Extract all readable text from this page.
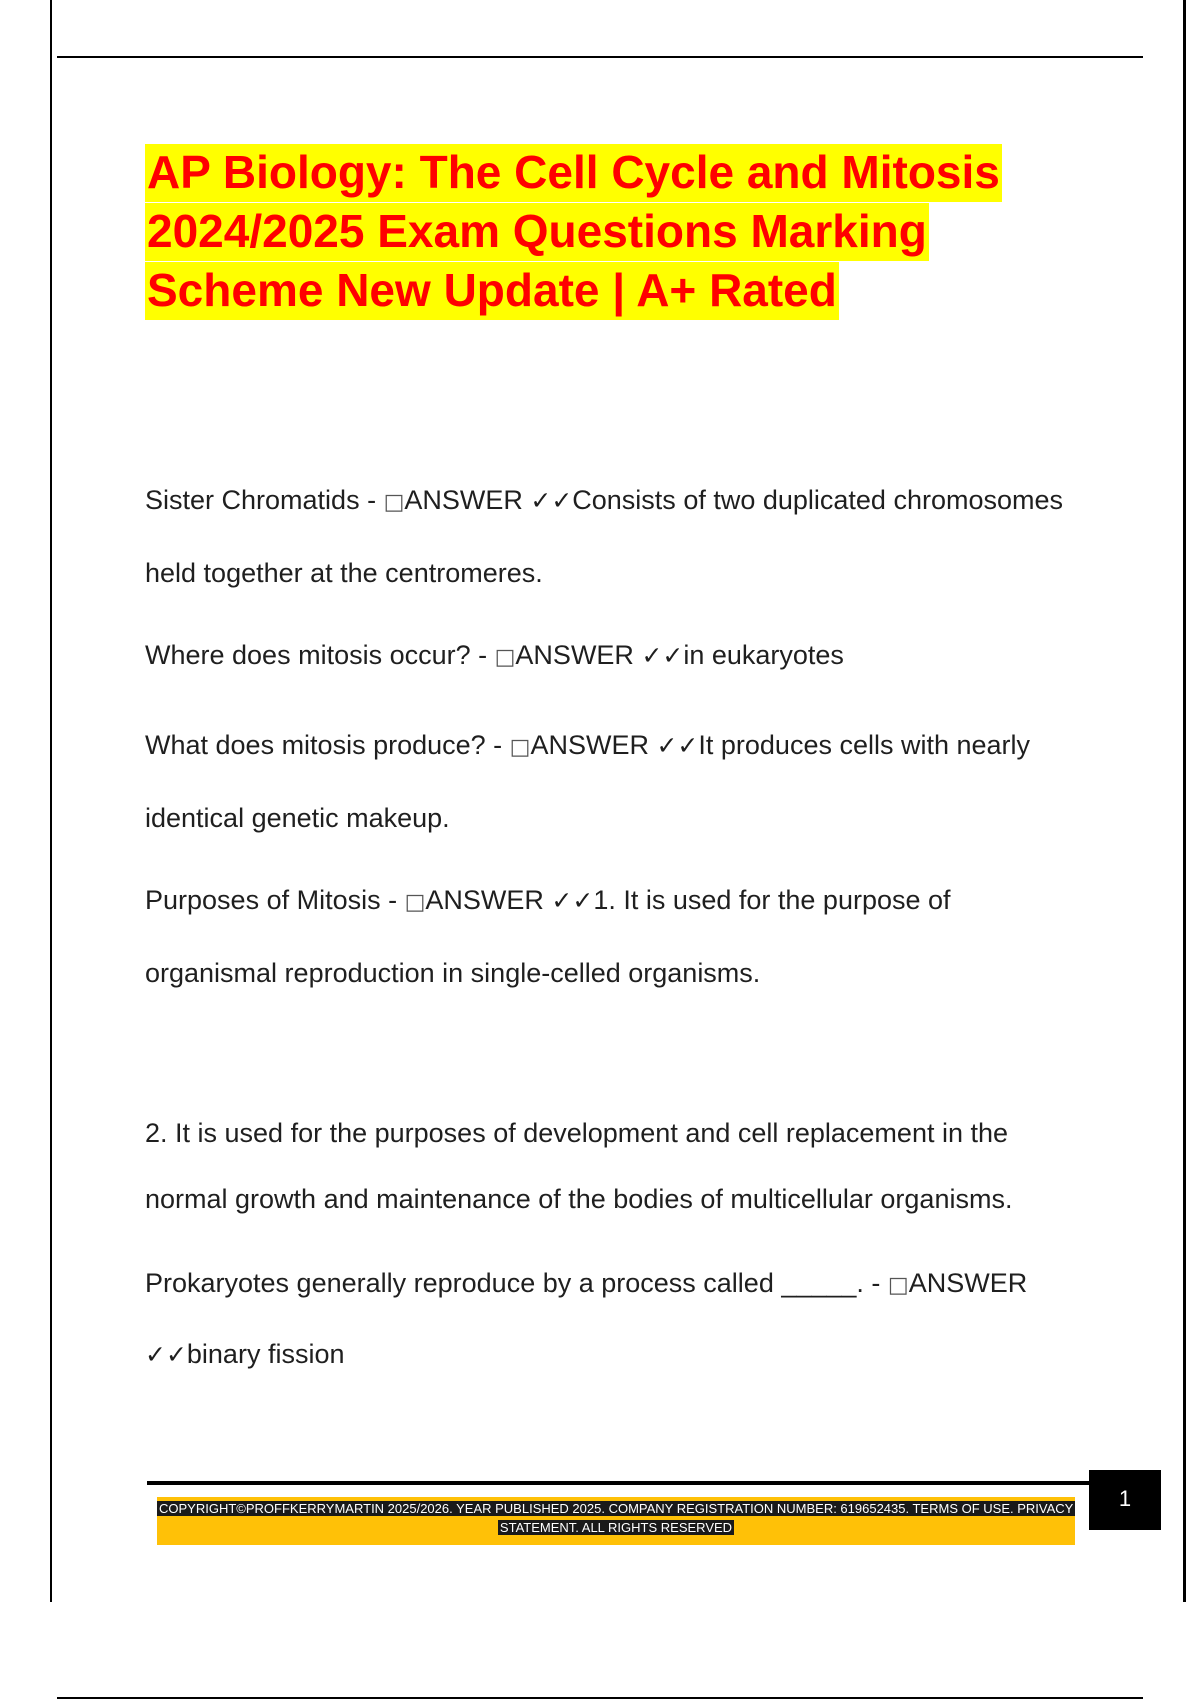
AP Biology: The Cell Cycle and Mitosis 2024/2025 Exam Questions Marking Scheme New Update | A+ Rated

Sister Chromatids - □ANSWER ✓✓Consists of two duplicated chromosomes held together at the centromeres.

Where does mitosis occur? - □ANSWER ✓✓in eukaryotes

What does mitosis produce? - □ANSWER ✓✓It produces cells with nearly identical genetic makeup.

Purposes of Mitosis - □ANSWER ✓✓1. It is used for the purpose of organismal reproduction in single-celled organisms.

2. It is used for the purposes of development and cell replacement in the normal growth and maintenance of the bodies of multicellular organisms.

Prokaryotes generally reproduce by a process called _____. - □ANSWER ✓✓binary fission

COPYRIGHT©PROFFKERRYMARTIN 2025/2026. YEAR PUBLISHED 2025. COMPANY REGISTRATION NUMBER: 619652435. TERMS OF USE. PRIVACY STATEMENT. ALL RIGHTS RESERVED
1
